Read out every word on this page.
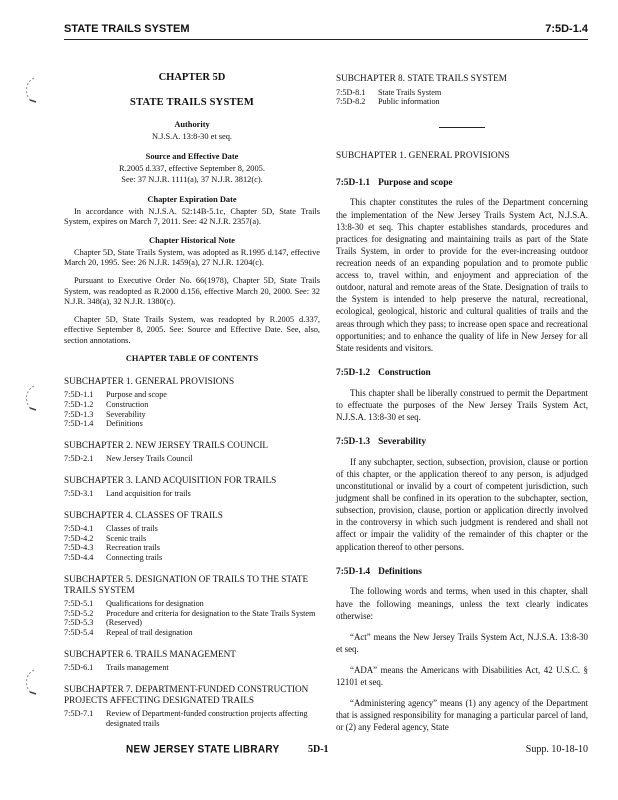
STATE TRAILS SYSTEM	7:5D-1.4
CHAPTER 5D
STATE TRAILS SYSTEM
Authority
N.J.S.A. 13:8-30 et seq.
Source and Effective Date
R.2005 d.337, effective September 8, 2005.
See: 37 N.J.R. 1111(a), 37 N.J.R. 3812(c).
Chapter Expiration Date
In accordance with N.J.S.A. 52:14B-5.1c, Chapter 5D, State Trails System, expires on March 7, 2011. See: 42 N.J.R. 2357(a).
Chapter Historical Note
Chapter 5D, State Trails System, was adopted as R.1995 d.147, effective March 20, 1995. See: 26 N.J.R. 1459(a), 27 N.J.R. 1204(c).
Pursuant to Executive Order No. 66(1978), Chapter 5D, State Trails System, was readopted as R.2000 d.156, effective March 20, 2000. See: 32 N.J.R. 348(a), 32 N.J.R. 1380(c).
Chapter 5D, State Trails System, was readopted by R.2005 d.337, effective September 8, 2005. See: Source and Effective Date. See, also, section annotations.
CHAPTER TABLE OF CONTENTS
SUBCHAPTER 1. GENERAL PROVISIONS
7:5D-1.1	Purpose and scope
7:5D-1.2	Construction
7:5D-1.3	Severability
7:5D-1.4	Definitions
SUBCHAPTER 2. NEW JERSEY TRAILS COUNCIL
7:5D-2.1	New Jersey Trails Council
SUBCHAPTER 3. LAND ACQUISITION FOR TRAILS
7:5D-3.1	Land acquisition for trails
SUBCHAPTER 4. CLASSES OF TRAILS
7:5D-4.1	Classes of trails
7:5D-4.2	Scenic trails
7:5D-4.3	Recreation trails
7:5D-4.4	Connecting trails
SUBCHAPTER 5. DESIGNATION OF TRAILS TO THE STATE TRAILS SYSTEM
7:5D-5.1	Qualifications for designation
7:5D-5.2	Procedure and criteria for designation to the State Trails System
7:5D-5.3	(Reserved)
7:5D-5.4	Repeal of trail designation
SUBCHAPTER 6. TRAILS MANAGEMENT
7:5D-6.1	Trails management
SUBCHAPTER 7. DEPARTMENT-FUNDED CONSTRUCTION PROJECTS AFFECTING DESIGNATED TRAILS
7:5D-7.1	Review of Department-funded construction projects affecting designated trails
SUBCHAPTER 8. STATE TRAILS SYSTEM
7:5D-8.1	State Trails System
7:5D-8.2	Public information
SUBCHAPTER 1. GENERAL PROVISIONS
7:5D-1.1 Purpose and scope
This chapter constitutes the rules of the Department concerning the implementation of the New Jersey Trails System Act, N.J.S.A. 13:8-30 et seq. This chapter establishes standards, procedures and practices for designating and maintaining trails as part of the State Trails System, in order to provide for the ever-increasing outdoor recreation needs of an expanding population and to promote public access to, travel within, and enjoyment and appreciation of the outdoor, natural and remote areas of the State. Designation of trails to the System is intended to help preserve the natural, recreational, ecological, geological, historic and cultural qualities of trails and the areas through which they pass; to increase open space and recreational opportunities; and to enhance the quality of life in New Jersey for all State residents and visitors.
7:5D-1.2 Construction
This chapter shall be liberally construed to permit the Department to effectuate the purposes of the New Jersey Trails System Act, N.J.S.A. 13:8-30 et seq.
7:5D-1.3 Severability
If any subchapter, section, subsection, provision, clause or portion of this chapter, or the application thereof to any person, is adjudged unconstitutional or invalid by a court of competent jurisdiction, such judgment shall be confined in its operation to the subchapter, section, subsection, provision, clause, portion or application directly involved in the controversy in which such judgment is rendered and shall not affect or impair the validity of the remainder of this chapter or the application thereof to other persons.
7:5D-1.4 Definitions
The following words and terms, when used in this chapter, shall have the following meanings, unless the text clearly indicates otherwise:
“Act” means the New Jersey Trails System Act, N.J.S.A. 13:8-30 et seq.
“ADA” means the Americans with Disabilities Act, 42 U.S.C. § 12101 et seq.
“Administering agency” means (1) any agency of the Department that is assigned responsibility for managing a particular parcel of land, or (2) any Federal agency, State
NEW JERSEY STATE LIBRARY	5D-1	Supp. 10-18-10
